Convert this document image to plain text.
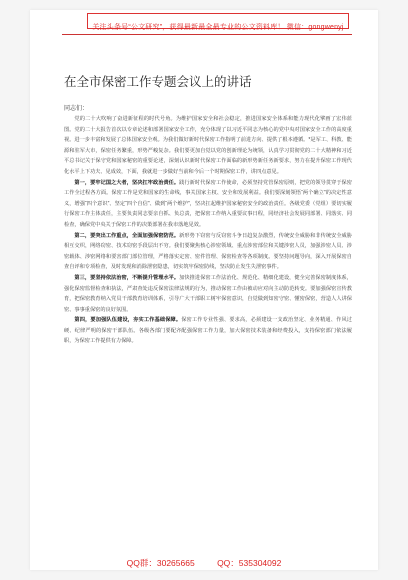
关注头条号“公文研究”，获得最新最全最专业的公文资料库！ 微信：gongwenyj
在全市保密工作专题会议上的讲话
同志们：

党的二十大吹响了奋进新征程的时代号角。为维护国家安全和社会稳定，推进国家安全体系和能力现代化擘画了宏伟蓝图。党的二十大报告首次以专章论述和部署国家安全工作，充分体现了以习近平同志为核心的党中央对国家安全工作的高度重视。进一步丰富和发展了总体国家安全观。为我们做好新时代保密工作指明了前进方向、提供了根本遵循。*是军工、科教、能源和驻军大市，保密任务繁重，形势严峻复杂。我们要更加自觉以党的创新理论为统领，认真学习贯彻党的二十大精神和习近平总书记关于保守党和国家秘密的重要论述，深刻认识新时代保密工作面临的新形势新任务新要求，努力在提升保密工作现代化水平上下功夫、见成效，下面，我就进一步做好当前和今后一个时期保密工作，讲四点意见。

第一，要牢记国之大者，坚决扛牢政治责任。践行新时代保密工作使命，必须坚持党管保密原则，把党的领导贯穿于保密工作全过程各方面。保密工作是党和国家的生命线，事关国家主权、安全和发展利益。我们要深刻领悟“两个确立”的决定性意义，增强“四个意识”、坚定“四个自信”、做到“两个维护”，坚决扛起维护国家秘密安全的政治责任。各级党委（党组）要切实履行保密工作主体责任，主要负责同志要亲自抓、负总责，把保密工作纳入重要议事日程，同经济社会发展同部署、同落实、同检查，确保党中央关于保密工作的决策部署在我市落地见效。

第二，要突出工作重点，全面加强保密防范。新形势下窃密与反窃密斗争日趋复杂激烈，传统安全威胁和非传统安全威胁相互交织，网络窃密、技术窃密手段层出不穷。我们要聚焦核心涉密领域、重点涉密部位和关键涉密人员，加强涉密人员、涉密载体、涉密网络和要害部门部位管理，严格落实定密、密件管理、保密检查等各项制度。要坚持问题导向，深入开展保密自查自评和专项检查，及时发现和消除泄密隐患，切实筑牢保密防线，坚决防止发生失泄密事件。

第三，要坚持依法治密，不断提升管理水平。加快推进保密工作法治化、规范化、精细化建设，健全完善保密制度体系，强化保密监督检查和执法，严肃查处违反保密法律法规的行为，推动保密工作由被动应对向主动防范转变。要加强保密宣传教育，把保密教育纳入党员干部教育培训体系，引导广大干部职工树牢保密意识，自觉做到知密守密、懂密保密，营造人人讲保密、事事重保密的良好氛围。

第四，要加强队伍建设，夯实工作基础保障。保密工作专业性强、要求高，必须建设一支政治坚定、业务精通、作风过硬、纪律严明的保密干部队伍。各级各部门要配齐配强保密工作力量，加大保密技术装备和经费投入，支持保密部门依法履职，为保密工作提供有力保障。

QQ群：30265665	QQ：535304092
